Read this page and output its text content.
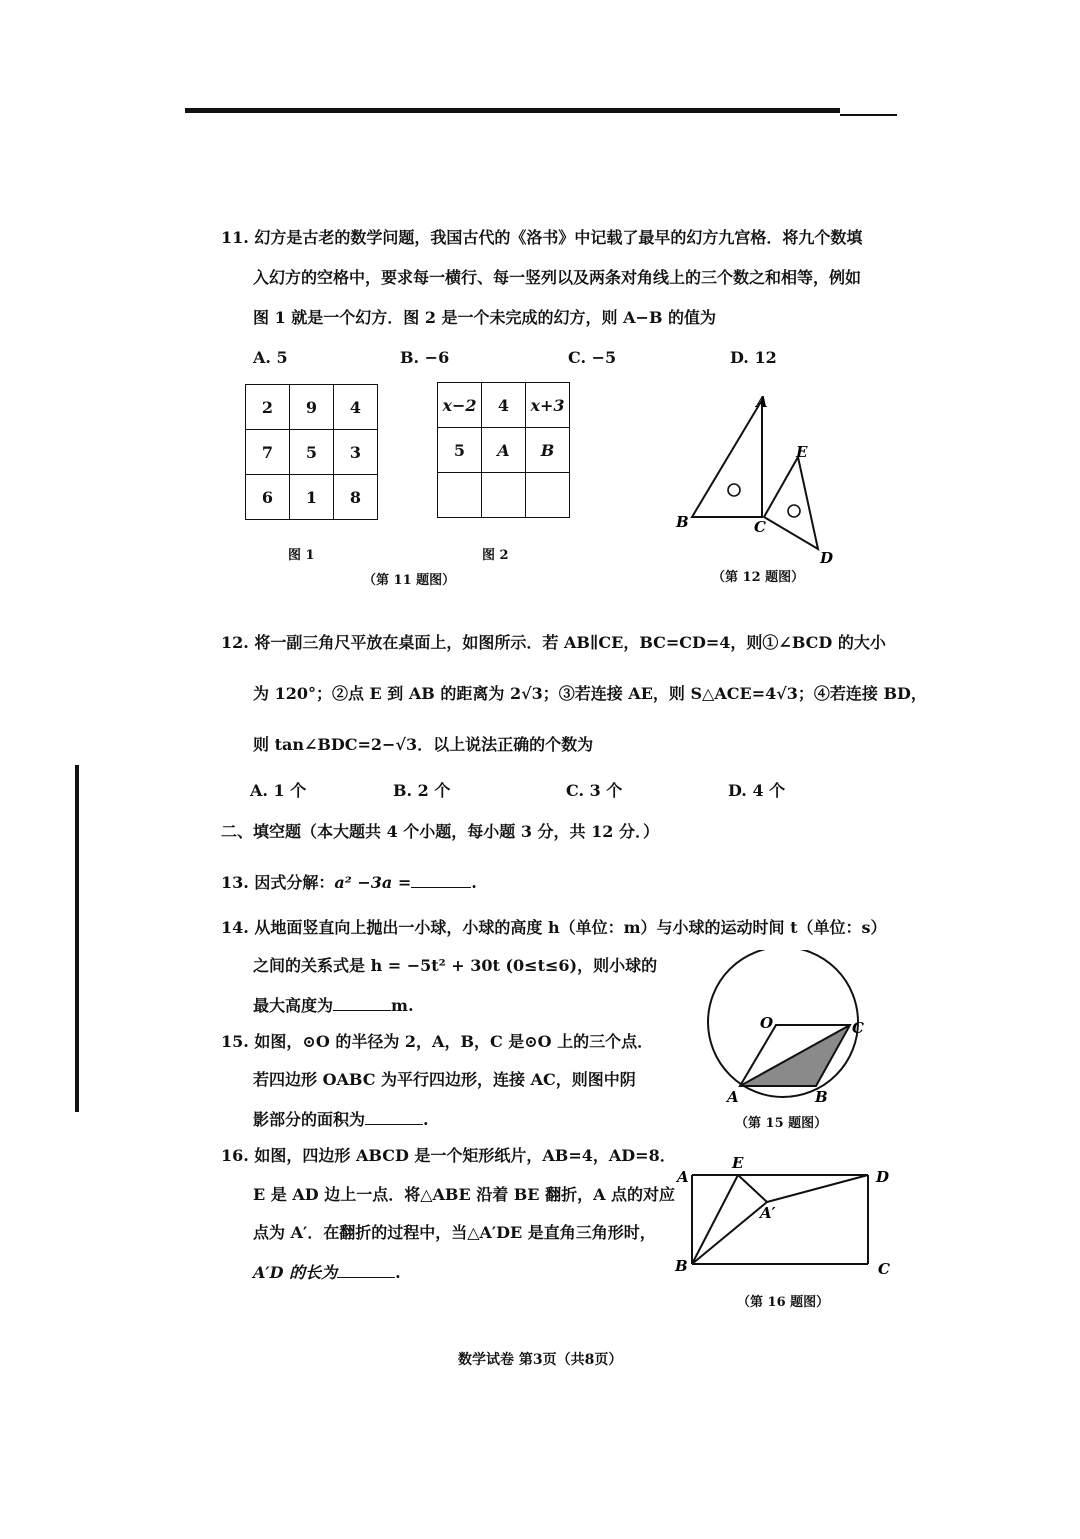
11. 幻方是古老的数学问题，我国古代的《洛书》中记载了最早的幻方九宫格．将九个数填
入幻方的空格中，要求每一横行、每一竖列以及两条对角线上的三个数之和相等，例如
图 1 就是一个幻方．图 2 是一个未完成的幻方，则 A−B 的值为
A. 5	B. −6	C. −5	D. 12
2	9	4
7	5	3
6	1	8
x−2	4	x+3
5	A	B

图 1	图 2
（第 11 题图）
A
B	C
E
D
（第 12 题图）
12. 将一副三角尺平放在桌面上，如图所示．若 AB∥CE，BC=CD=4，则①∠BCD 的大小
为 120°；②点 E 到 AB 的距离为 2√3；③若连接 AE，则 S△ACE=4√3；④若连接 BD，
则 tan∠BDC=2−√3．以上说法正确的个数为
A. 1 个	B. 2 个	C. 3 个	D. 4 个
二、填空题（本大题共 4 个小题，每小题 3 分，共 12 分．）
13. 因式分解：a² −3a =	.
14. 从地面竖直向上抛出一小球，小球的高度 h（单位：m）与小球的运动时间 t（单位：s）
之间的关系式是 h = −5t² + 30t (0≤t≤6)，则小球的
最大高度为	m.
O	C
A	B
（第 15 题图）
15. 如图，⊙O 的半径为 2，A，B，C 是⊙O 上的三个点．
若四边形 OABC 为平行四边形，连接 AC，则图中阴
影部分的面积为	.
16. 如图，四边形 ABCD 是一个矩形纸片，AB=4，AD=8．
E 是 AD 边上一点．将△ABE 沿着 BE 翻折，A 点的对应
点为 A′．在翻折的过程中，当△A′DE 是直角三角形时，
A′D 的长为	.
A
E
D
A′
B	C
（第 16 题图）
数学试卷 第3页（共8页）
